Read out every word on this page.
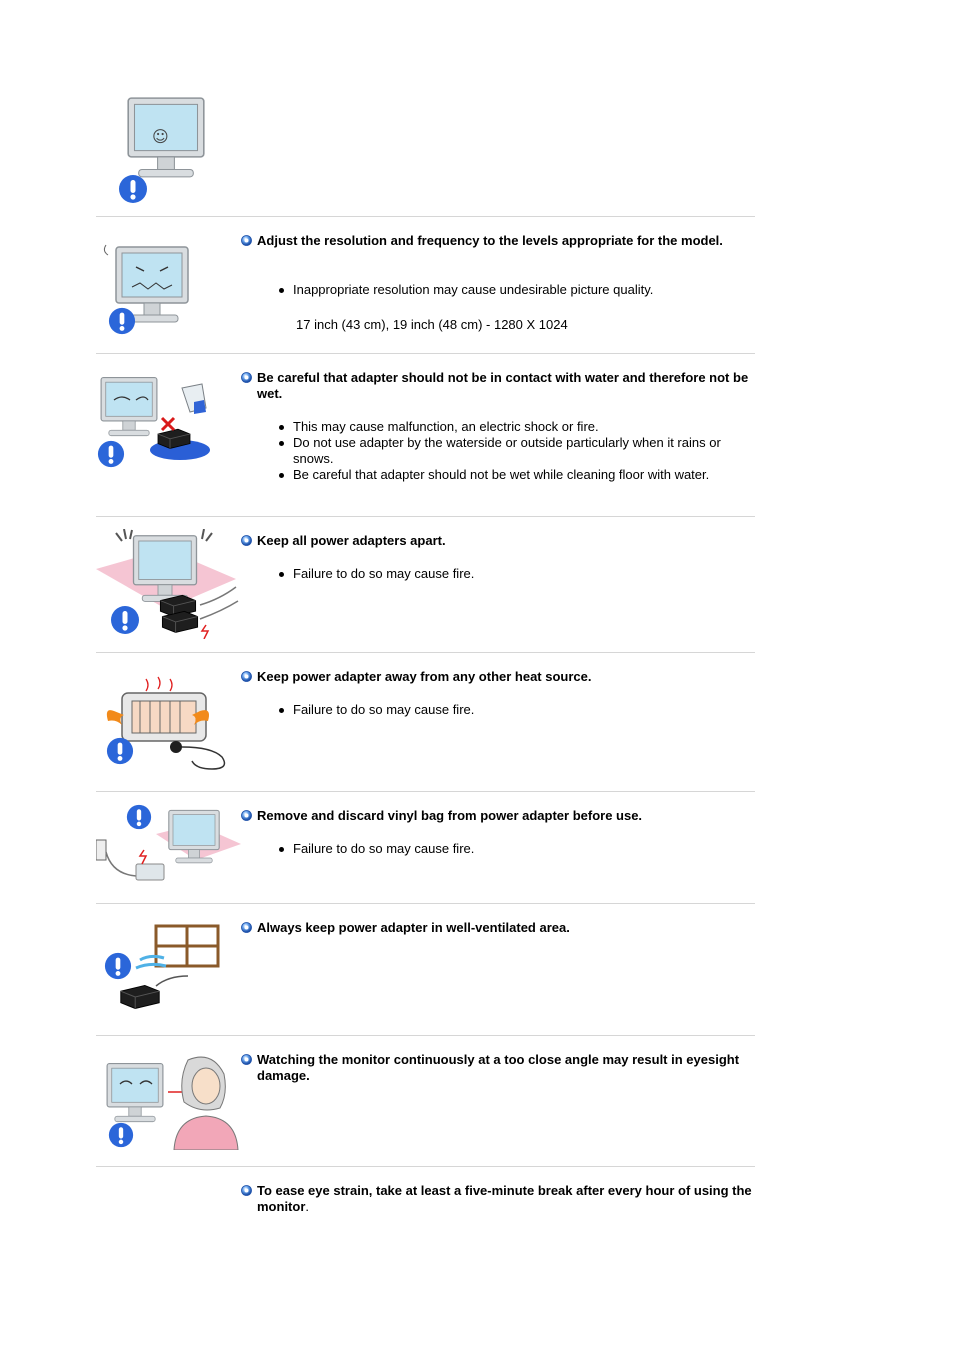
☺
Adjust the resolution and frequency to the levels appropriate for the model.
Inappropriate resolution may cause undesirable picture quality.
17 inch (43 cm), 19 inch (48 cm) - 1280 X 1024
Be careful that adapter should not be in contact with water and therefore not be wet.
This may cause malfunction, an electric shock or fire.
Do not use adapter by the waterside or outside particularly when it rains or snows.
Be careful that adapter should not be wet while cleaning floor with water.
Keep all power adapters apart.
Failure to do so may cause fire.
Keep power adapter away from any other heat source.
Failure to do so may cause fire.
Remove and discard vinyl bag from power adapter before use.
Failure to do so may cause fire.
Always keep power adapter in well-ventilated area.
Watching the monitor continuously at a too close angle may result in eyesight damage.
To ease eye strain, take at least a five-minute break after every hour of using the monitor.
